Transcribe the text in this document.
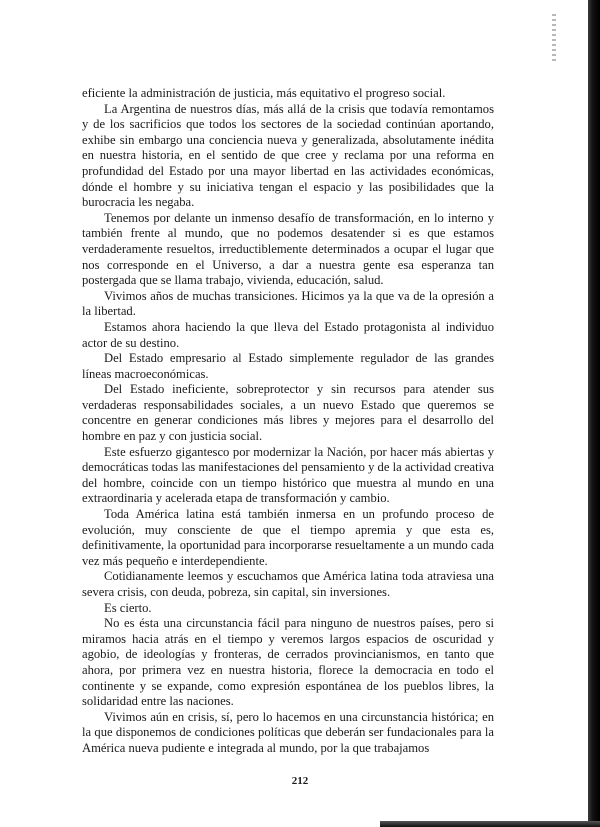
eficiente la administración de justicia, más equitativo el progreso social.

La Argentina de nuestros días, más allá de la crisis que todavía remontamos y de los sacrificios que todos los sectores de la sociedad continúan aportando, exhibe sin embargo una conciencia nueva y generalizada, absolutamente inédita en nuestra historia, en el sentido de que cree y reclama por una reforma en profundidad del Estado por una mayor libertad en las actividades económicas, dónde el hombre y su iniciativa tengan el espacio y las posibilidades que la burocracia les negaba.

Tenemos por delante un inmenso desafío de transformación, en lo interno y también frente al mundo, que no podemos desatender si es que estamos verdaderamente resueltos, irreductiblemente determinados a ocupar el lugar que nos corresponde en el Universo, a dar a nuestra gente esa esperanza tan postergada que se llama trabajo, vivienda, educación, salud.

Vivimos años de muchas transiciones. Hicimos ya la que va de la opresión a la libertad.

Estamos ahora haciendo la que lleva del Estado protagonista al individuo actor de su destino.

Del Estado empresario al Estado simplemente regulador de las grandes líneas macroeconómicas.

Del Estado ineficiente, sobreprotector y sin recursos para atender sus verdaderas responsabilidades sociales, a un nuevo Estado que queremos se concentre en generar condiciones más libres y mejores para el desarrollo del hombre en paz y con justicia social.

Este esfuerzo gigantesco por modernizar la Nación, por hacer más abiertas y democráticas todas las manifestaciones del pensamiento y de la actividad creativa del hombre, coincide con un tiempo histórico que muestra al mundo en una extraordinaria y acelerada etapa de transformación y cambio.

Toda América latina está también inmersa en un profundo proceso de evolución, muy consciente de que el tiempo apremia y que esta es, definitivamente, la oportunidad para incorporarse resueltamente a un mundo cada vez más pequeño e interdependiente.

Cotidianamente leemos y escuchamos que América latina toda atraviesa una severa crisis, con deuda, pobreza, sin capital, sin inversiones.

Es cierto.

No es ésta una circunstancia fácil para ninguno de nuestros países, pero si miramos hacia atrás en el tiempo y veremos largos espacios de oscuridad y agobio, de ideologías y fronteras, de cerrados provincianismos, en tanto que ahora, por primera vez en nuestra historia, florece la democracia en todo el continente y se expande, como expresión espontánea de los pueblos libres, la solidaridad entre las naciones.

Vivimos aún en crisis, sí, pero lo hacemos en una circunstancia histórica; en la que disponemos de condiciones políticas que deberán ser fundacionales para la América nueva pudiente e integrada al mundo, por la que trabajamos

212
